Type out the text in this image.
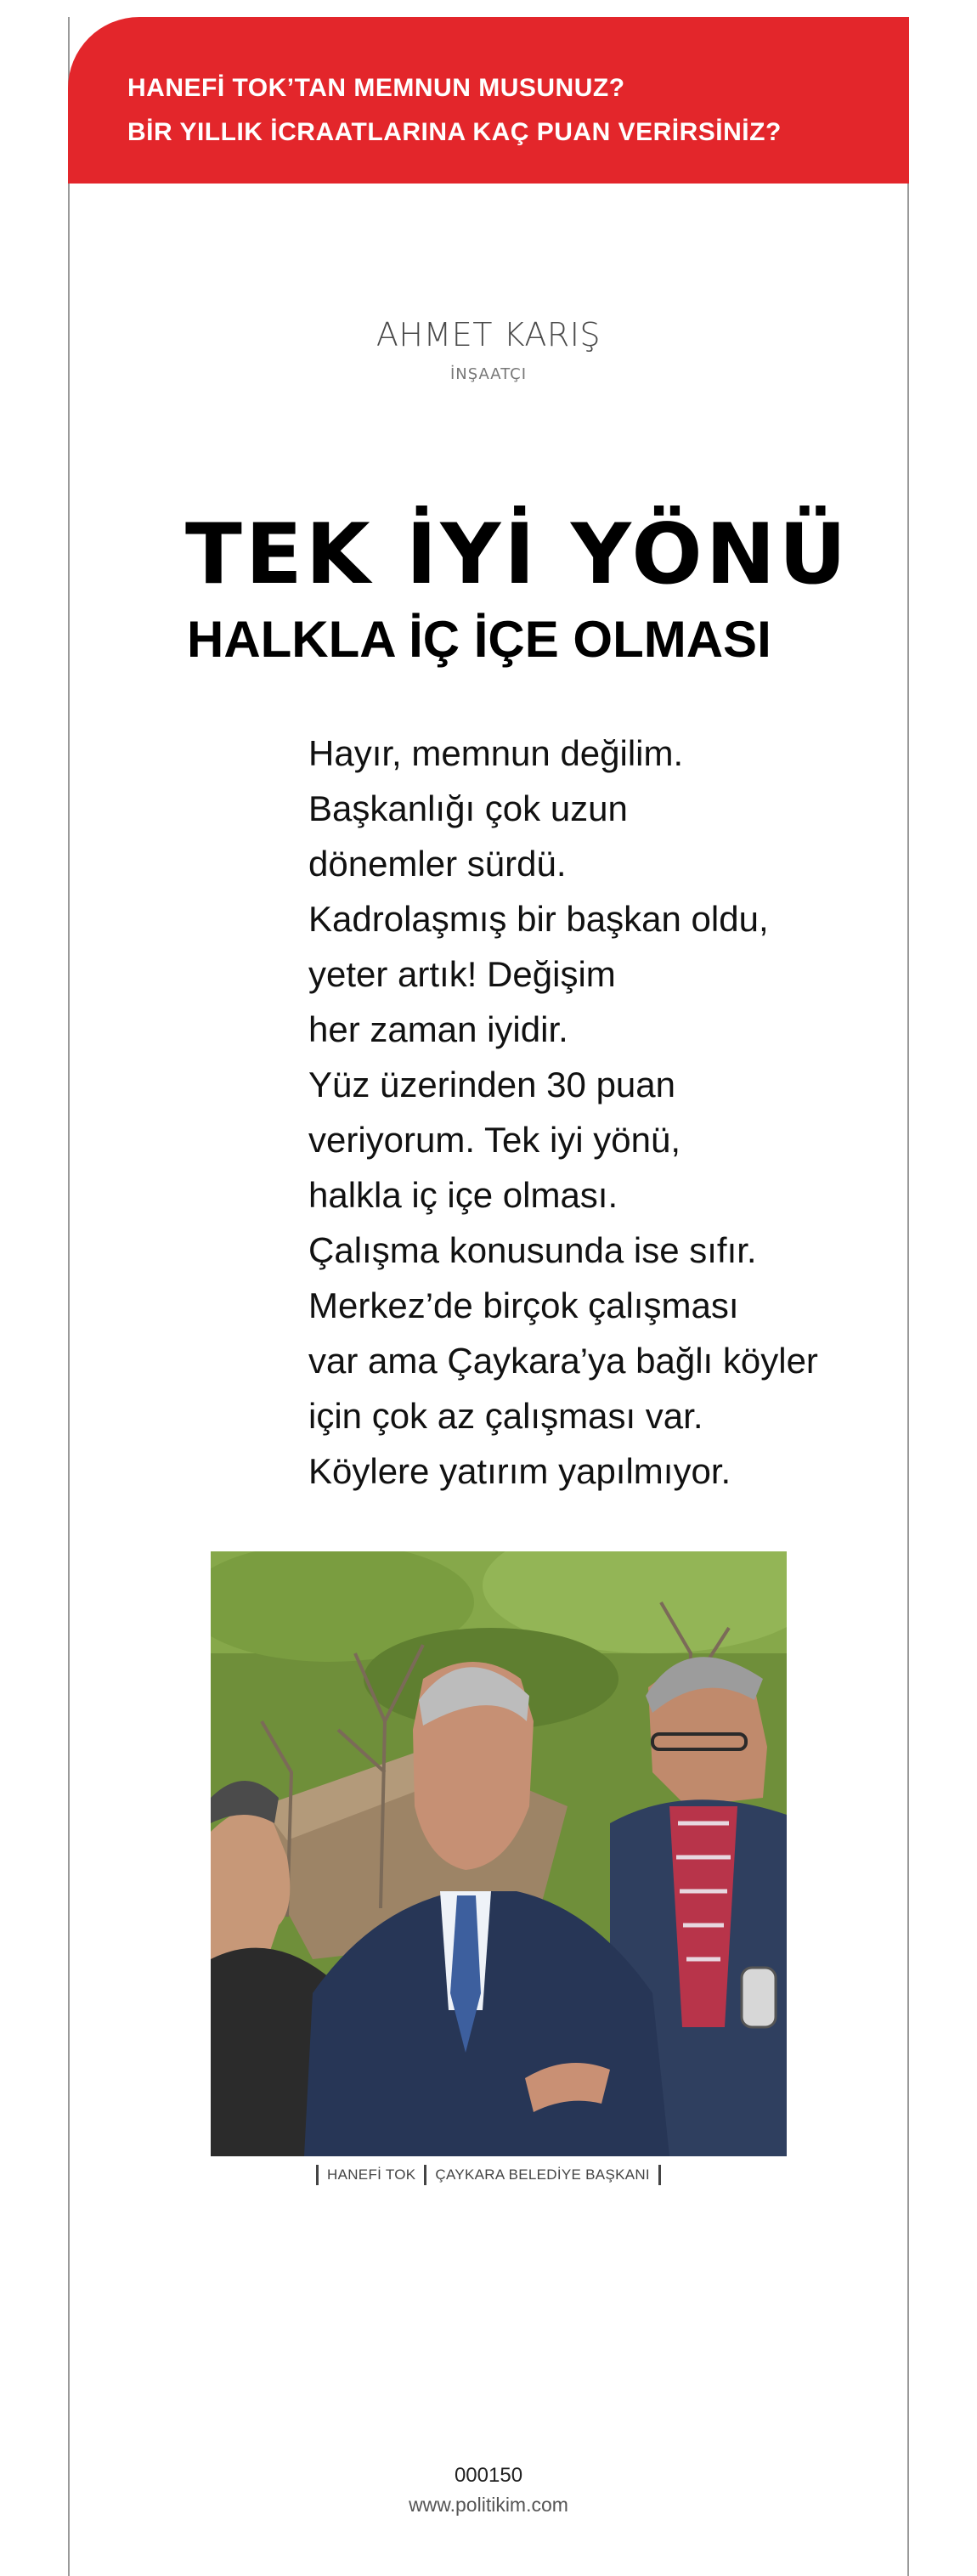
HANEFİ TOK’TAN MEMNUN MUSUNUZ?
BİR YILLIK İCRAATLARINA KAÇ PUAN VERİRSİNİZ?
AHMET KARIŞ
İNŞAATÇI
TEK İYİ YÖNÜ
HALKLA İÇ İÇE OLMASI
Hayır, memnun değilim.
Başkanlığı çok uzun
dönemler sürdü.
Kadrolaşmış bir başkan oldu,
yeter artık! Değişim
her zaman iyidir.
Yüz üzerinden 30 puan
veriyorum. Tek iyi yönü,
halkla iç içe olması.
Çalışma konusunda ise sıfır.
Merkez’de birçok çalışması
var ama Çaykara’ya bağlı köyler
için çok az çalışması var.
Köylere yatırım yapılmıyor.
HANEFİ TOK ÇAYKARA BELEDİYE BAŞKANI
000150
www.politikim.com
